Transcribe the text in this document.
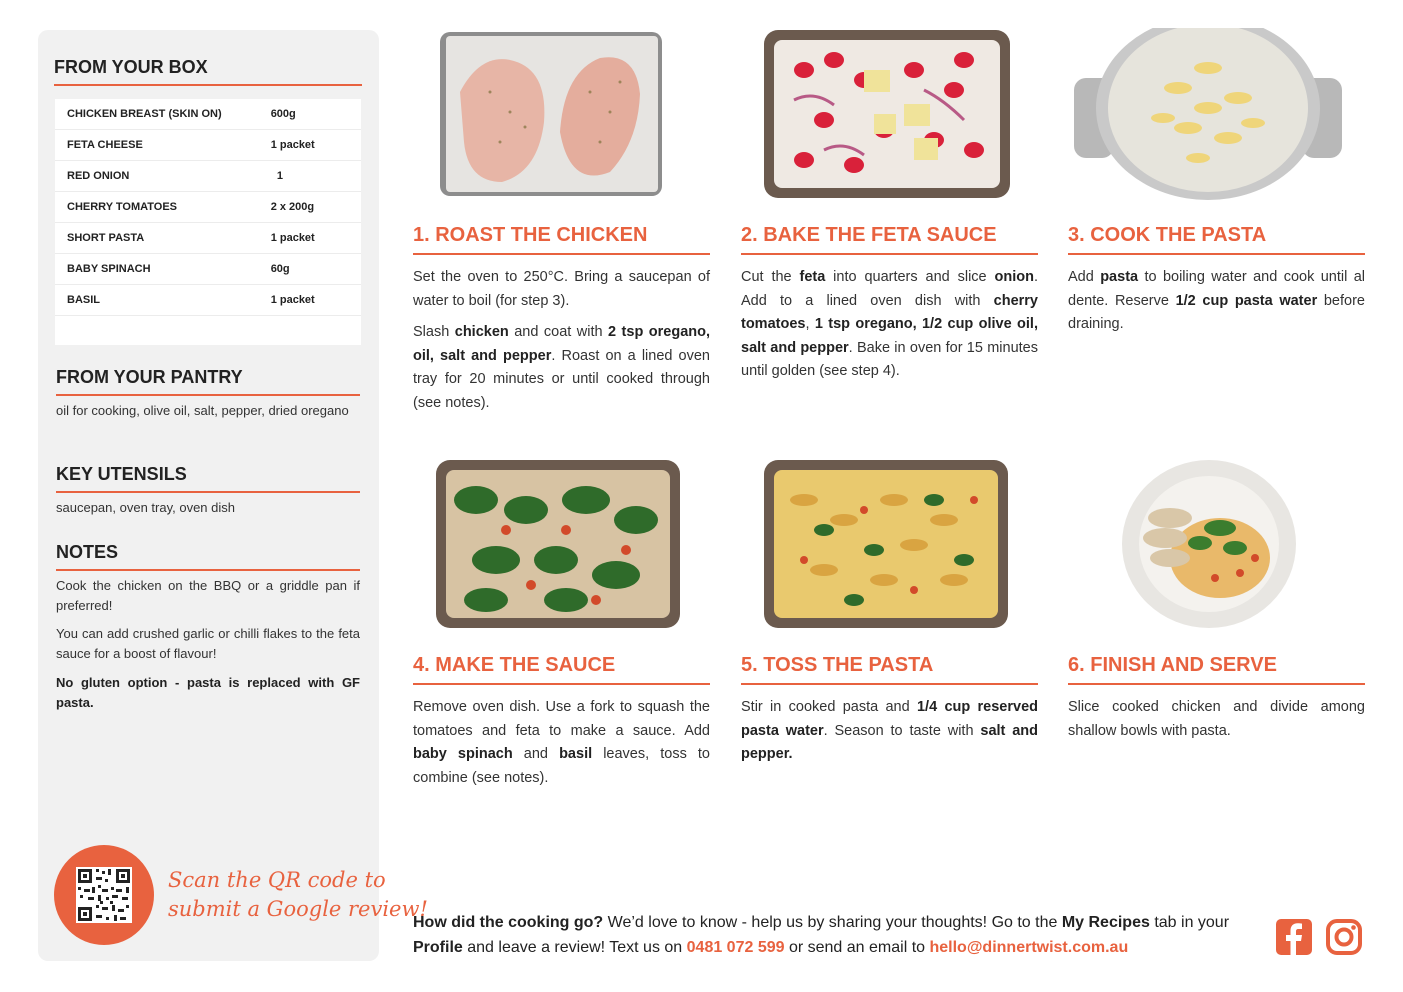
FROM YOUR BOX
CHICKEN BREAST (SKIN ON)	600g
FETA CHEESE	1 packet
RED ONION	1
CHERRY TOMATOES	2 x 200g
SHORT PASTA	1 packet
BABY SPINACH	60g
BASIL	1 packet
FROM YOUR PANTRY
oil for cooking, olive oil, salt, pepper, dried oregano
KEY UTENSILS
saucepan, oven tray, oven dish
NOTES
Cook the chicken on the BBQ or a griddle pan if preferred!
You can add crushed garlic or chilli flakes to the feta sauce for a boost of flavour!
No gluten option - pasta is replaced with GF pasta.
Scan the QR code to
submit a Google review!
1. ROAST THE CHICKEN

Set the oven to 250°C. Bring a saucepan of water to boil (for step 3).

Slash chicken and coat with 2 tsp oregano, oil, salt and pepper. Roast on a lined oven tray for 20 minutes or until cooked through (see notes).

2. BAKE THE FETA SAUCE

Cut the feta into quarters and slice onion. Add to a lined oven dish with cherry tomatoes, 1 tsp oregano, 1/2 cup olive oil, salt and pepper. Bake in oven for 15 minutes until golden (see step 4).

3. COOK THE PASTA

Add pasta to boiling water and cook until al dente. Reserve 1/2 cup pasta water before draining.

4. MAKE THE SAUCE

Remove oven dish. Use a fork to squash the tomatoes and feta to make a sauce. Add baby spinach and basil leaves, toss to combine (see notes).

5. TOSS THE PASTA

Stir in cooked pasta and 1/4 cup reserved pasta water. Season to taste with salt and pepper.

6. FINISH AND SERVE

Slice cooked chicken and divide among shallow bowls with pasta.

How did the cooking go? We’d love to know - help us by sharing your thoughts! Go to the My Recipes tab in your Profile and leave a review! Text us on 0481 072 599 or send an email to hello@dinnertwist.com.au
